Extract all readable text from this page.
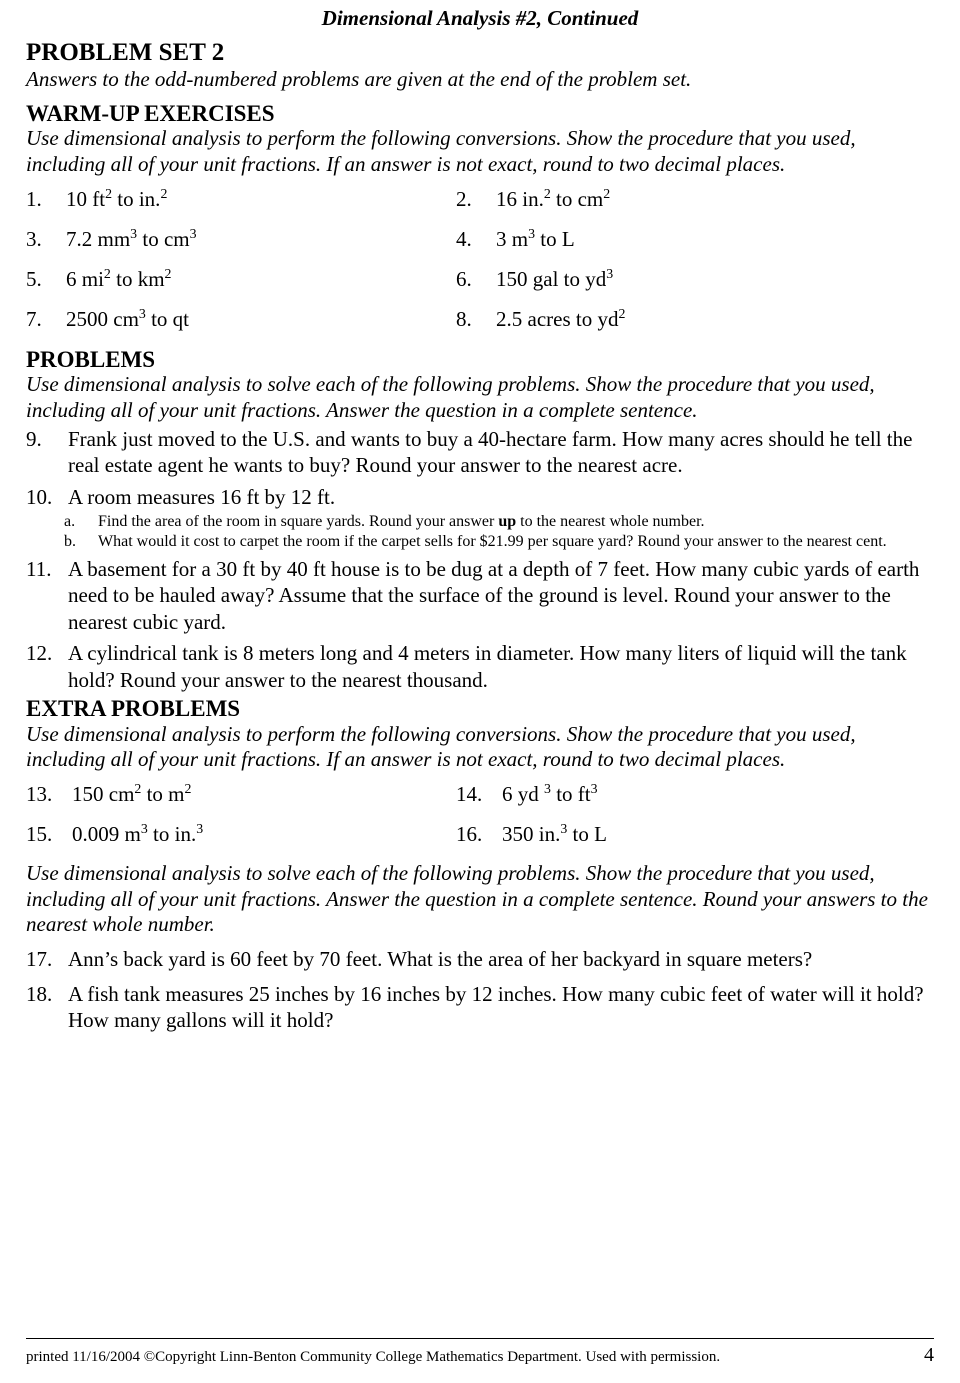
Dimensional Analysis #2, Continued
PROBLEM SET 2
Answers to the odd-numbered problems are given at the end of the problem set.
WARM-UP EXERCISES
Use dimensional analysis to perform the following conversions. Show the procedure that you used, including all of your unit fractions. If an answer is not exact, round to two decimal places.
1.	10 $ft^2$ to in.$^2$	2.	16 in.$^2$ to $cm^2$
3.	7.2 $mm^3$ to $cm^3$	4.	3 $m^3$ to L
5.	6 $mi^2$ to $km^2$	6.	150 gal to $yd^3$
7.	2500 $cm^3$ to qt	8.	2.5 acres to $yd^2$
PROBLEMS
Use dimensional analysis to solve each of the following problems. Show the procedure that you used, including all of your unit fractions. Answer the question in a complete sentence.
9.	Frank just moved to the U.S. and wants to buy a 40-hectare farm. How many acres should he tell the real estate agent he wants to buy? Round your answer to the nearest acre.
10. A room measures 16 ft by 12 ft.
a.	Find the area of the room in square yards. Round your answer up to the nearest whole number.
b.	What would it cost to carpet the room if the carpet sells for $21.99 per square yard? Round your answer to the nearest cent.
11. A basement for a 30 ft by 40 ft house is to be dug at a depth of 7 feet. How many cubic yards of earth need to be hauled away? Assume that the surface of the ground is level. Round your answer to the nearest cubic yard.
12. A cylindrical tank is 8 meters long and 4 meters in diameter. How many liters of liquid will the tank hold? Round your answer to the nearest thousand.
EXTRA PROBLEMS
Use dimensional analysis to perform the following conversions. Show the procedure that you used, including all of your unit fractions. If an answer is not exact, round to two decimal places.
13. 150 $cm^2$ to $m^2$	14. 6 yd $^3$ to $ft^3$
15. 0.009 $m^3$ to in.$^3$	16. 350 in.$^3$ to L
Use dimensional analysis to solve each of the following problems. Show the procedure that you used, including all of your unit fractions. Answer the question in a complete sentence. Round your answers to the nearest whole number.
17. Ann’s back yard is 60 feet by 70 feet. What is the area of her backyard in square meters?
18. A fish tank measures 25 inches by 16 inches by 12 inches. How many cubic feet of water will it hold? How many gallons will it hold?
printed 11/16/2004 ©Copyright Linn-Benton Community College Mathematics Department. Used with permission.	4
